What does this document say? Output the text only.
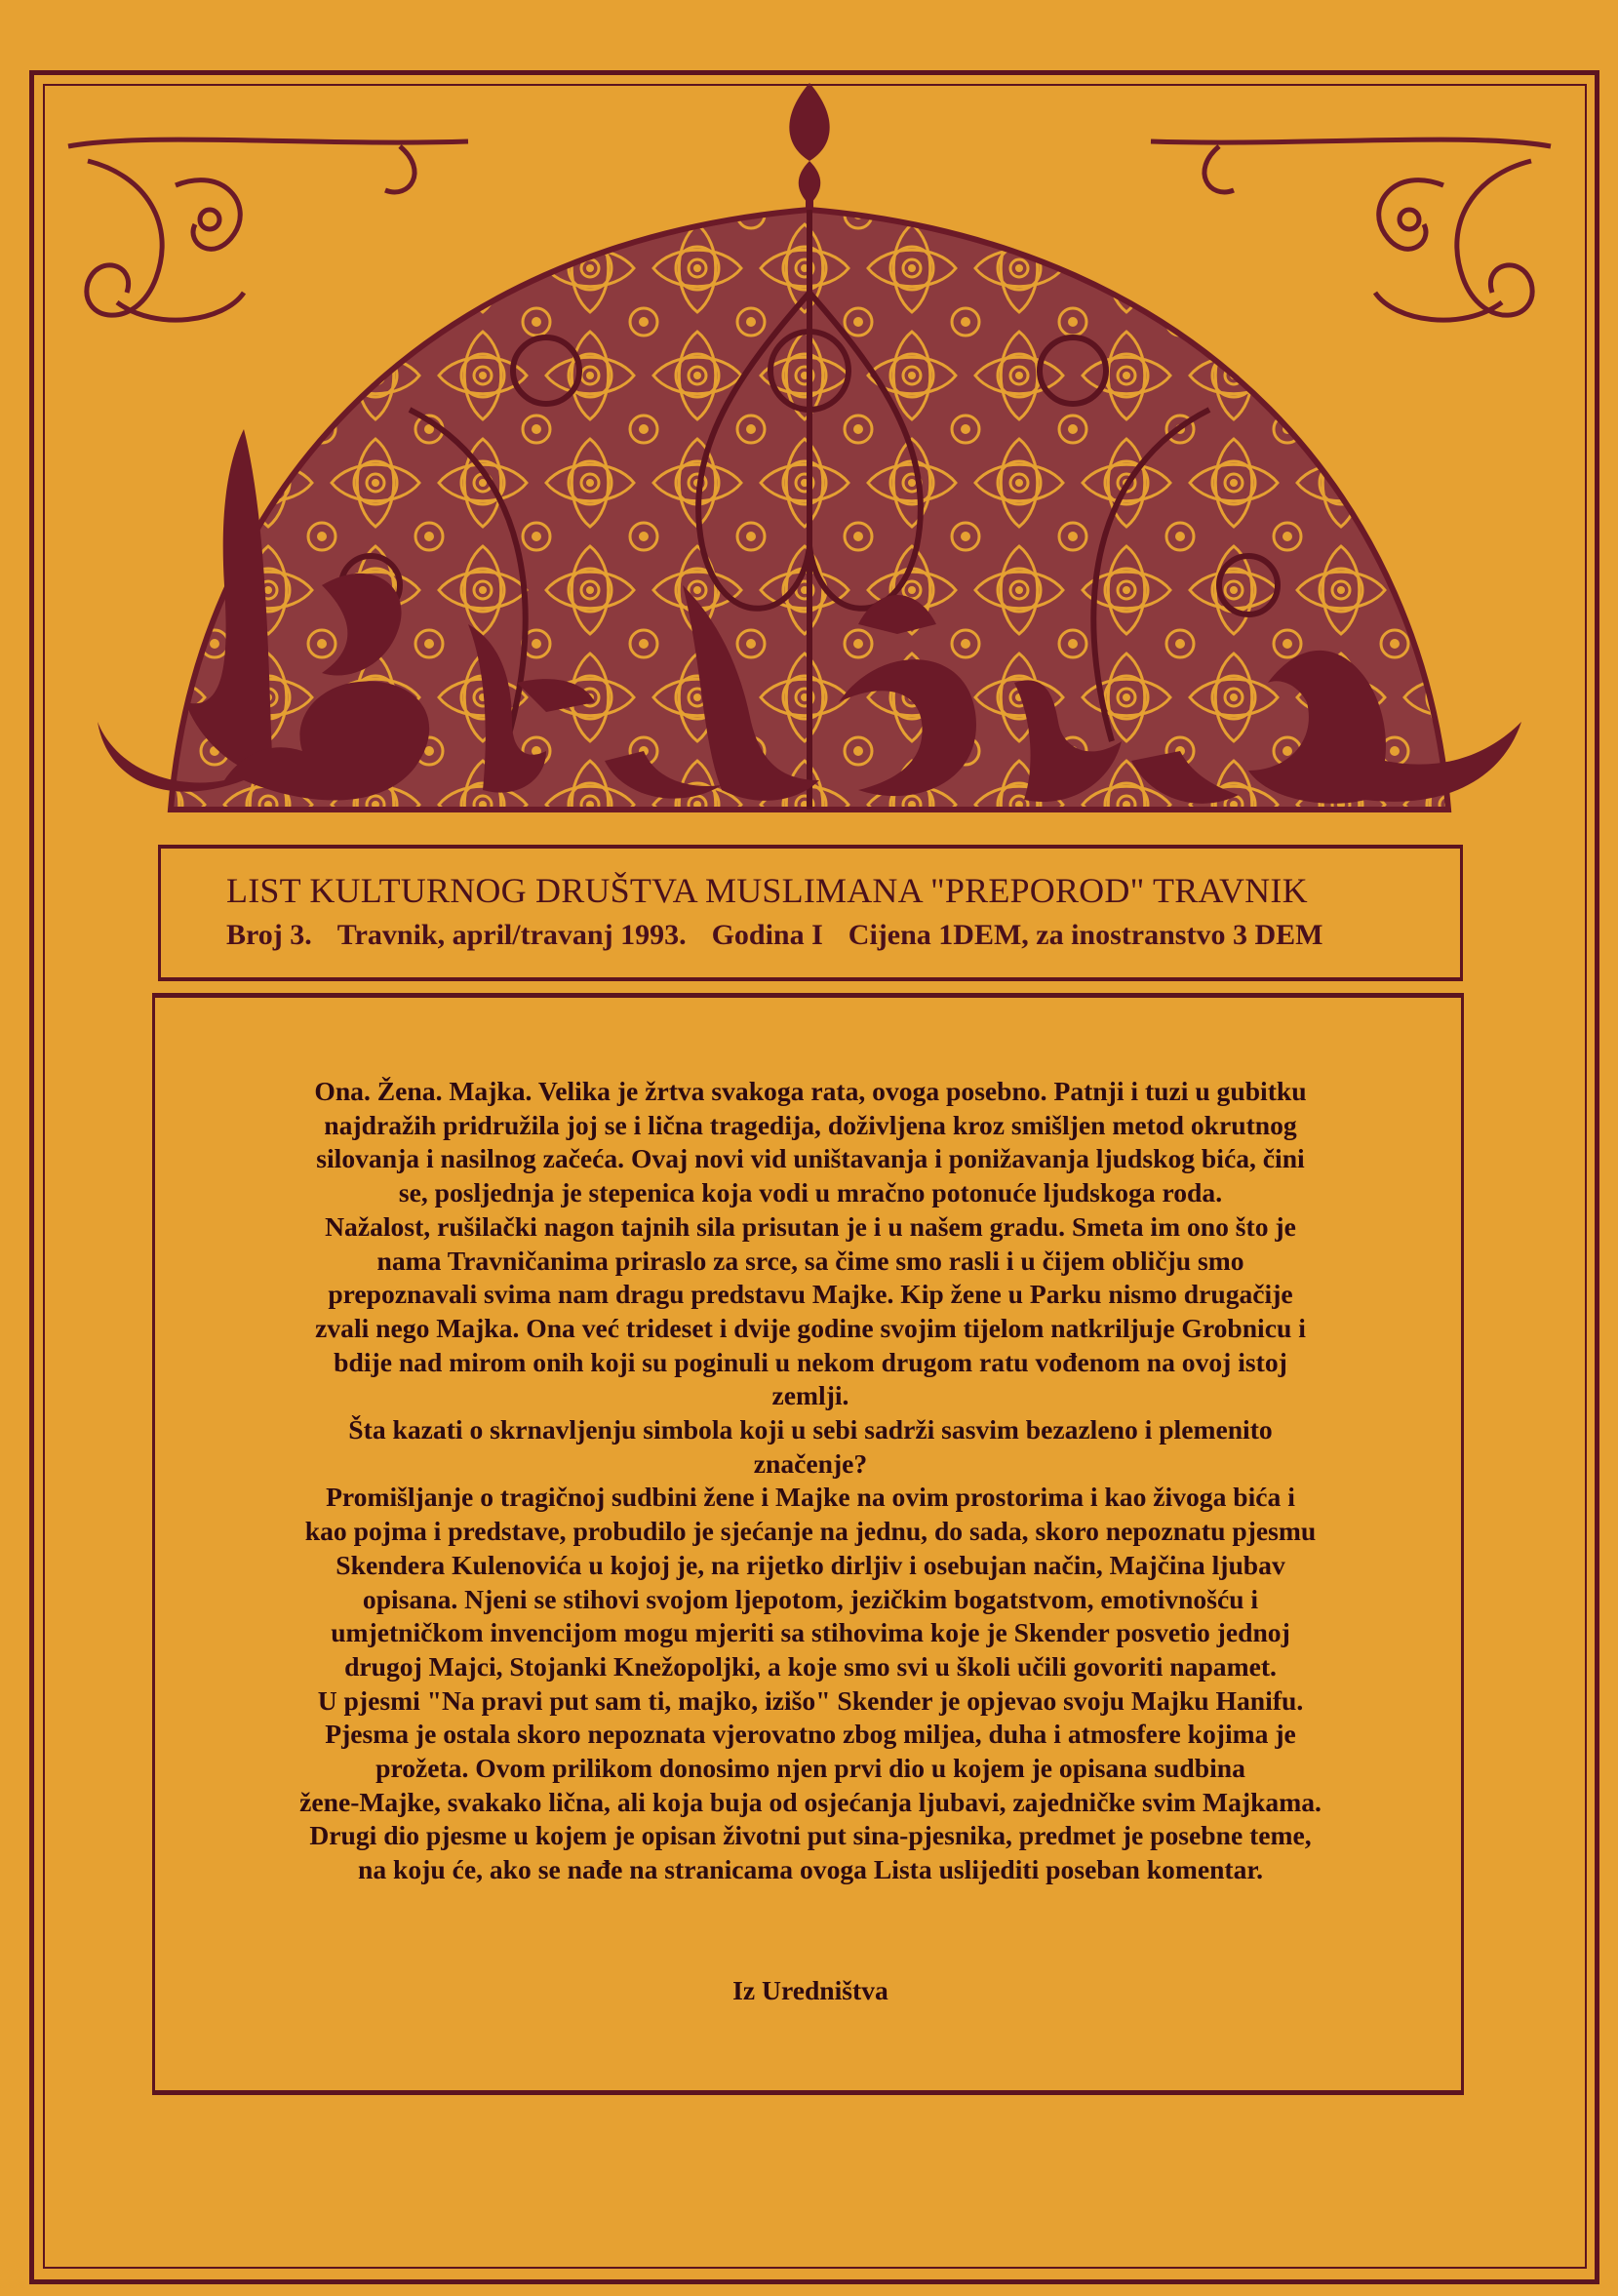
LIST KULTURNOG DRUŠTVA MUSLIMANA "PREPOROD" TRAVNIK
Broj 3. Travnik, april/travanj 1993. Godina I Cijena 1DEM, za inostranstvo 3 DEM

Ona. Žena. Majka. Velika je žrtva svakoga rata, ovoga posebno. Patnji i tuzi u gubitku

najdražih pridružila joj se i lična tragedija, doživljena kroz smišljen metod okrutnog

silovanja i nasilnog začeća. Ovaj novi vid uništavanja i ponižavanja ljudskog bića, čini

se, posljednja je stepenica koja vodi u mračno potonuće ljudskoga roda.

Nažalost, rušilački nagon tajnih sila prisutan je i u našem gradu. Smeta im ono što je

nama Travničanima priraslo za srce, sa čime smo rasli i u čijem obličju smo

prepoznavali svima nam dragu predstavu Majke. Kip žene u Parku nismo drugačije

zvali nego Majka. Ona već trideset i dvije godine svojim tijelom natkriljuje Grobnicu i

bdije nad mirom onih koji su poginuli u nekom drugom ratu vođenom na ovoj istoj

zemlji.

Šta kazati o skrnavljenju simbola koji u sebi sadrži sasvim bezazleno i plemenito

značenje?

Promišljanje o tragičnoj sudbini žene i Majke na ovim prostorima i kao živoga bića i

kao pojma i predstave, probudilo je sjećanje na jednu, do sada, skoro nepoznatu pjesmu

Skendera Kulenovića u kojoj je, na rijetko dirljiv i osebujan način, Majčina ljubav

opisana. Njeni se stihovi svojom ljepotom, jezičkim bogatstvom, emotivnošću i

umjetničkom invencijom mogu mjeriti sa stihovima koje je Skender posvetio jednoj

drugoj Majci, Stojanki Knežopoljki, a koje smo svi u školi učili govoriti napamet.

U pjesmi "Na pravi put sam ti, majko, izišo" Skender je opjevao svoju Majku Hanifu.

Pjesma je ostala skoro nepoznata vjerovatno zbog miljea, duha i atmosfere kojima je

prožeta. Ovom prilikom donosimo njen prvi dio u kojem je opisana sudbina

žene-Majke, svakako lična, ali koja buja od osjećanja ljubavi, zajedničke svim Majkama.

Drugi dio pjesme u kojem je opisan životni put sina-pjesnika, predmet je posebne teme,

na koju će, ako se nađe na stranicama ovoga Lista uslijediti poseban komentar.

Iz Uredništva
